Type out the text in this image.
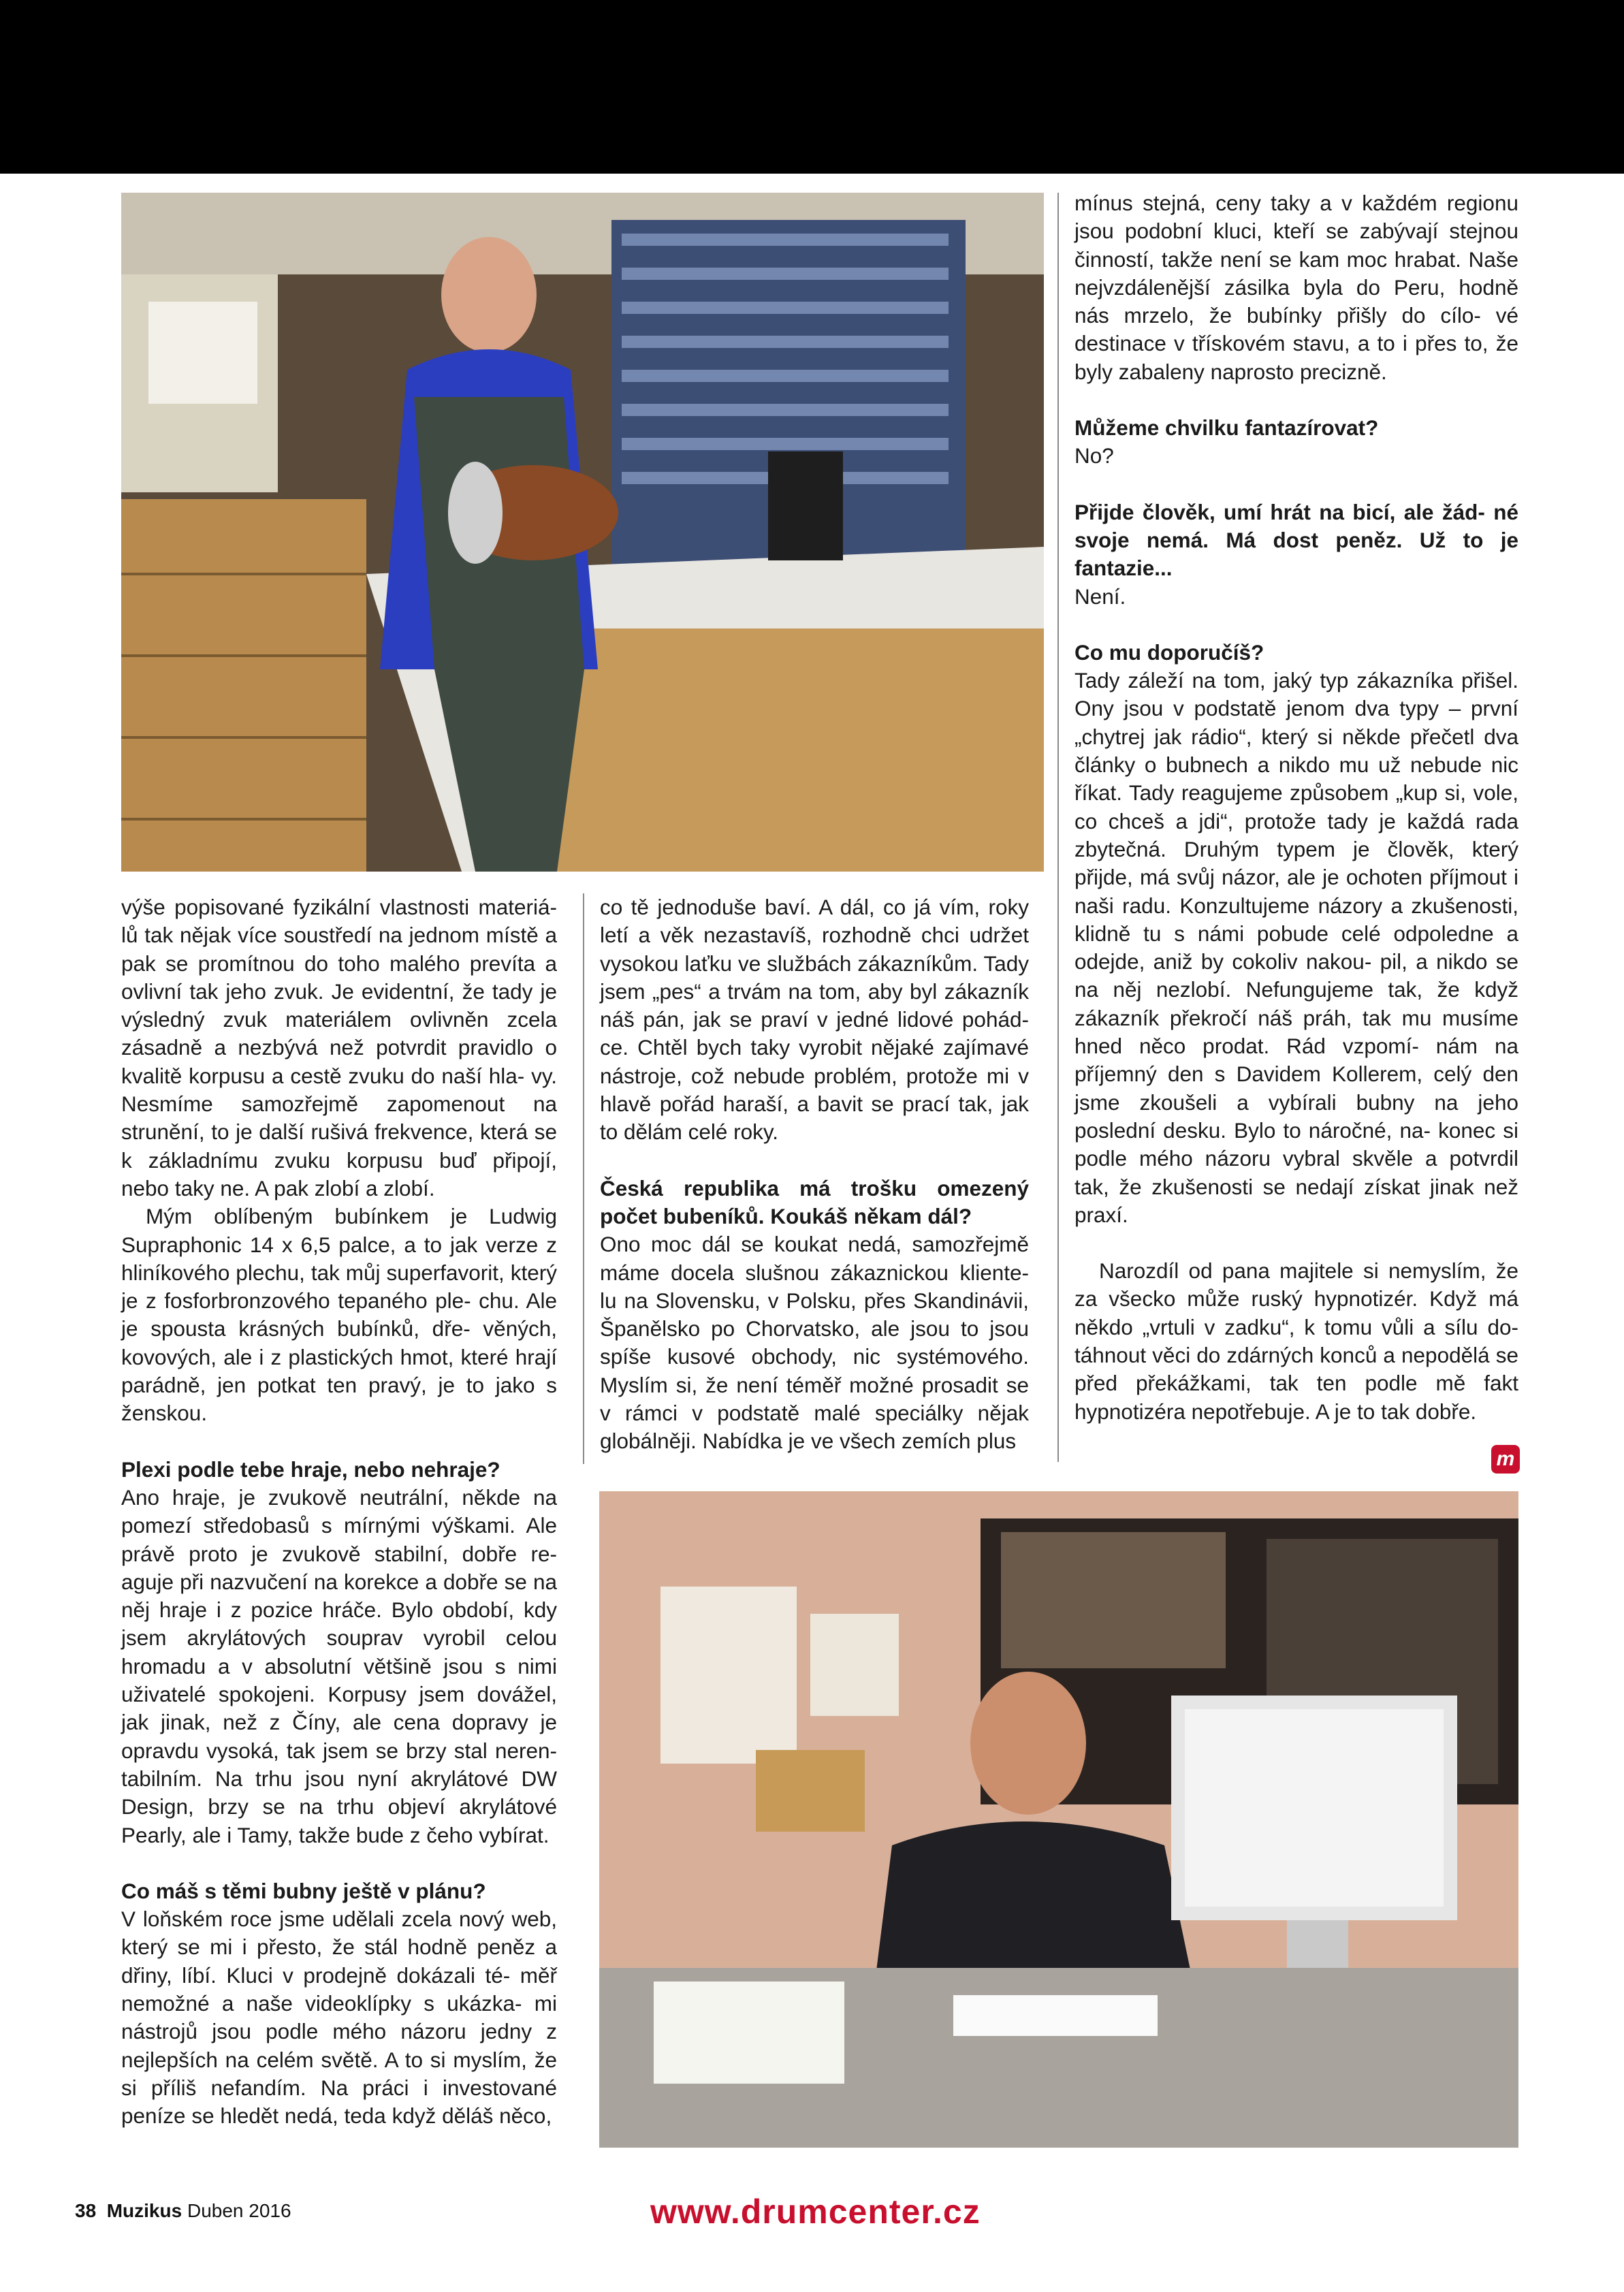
výše popisované fyzikální vlastnosti materiá- lů tak nějak více soustředí na jednom místě a pak se promítnou do toho malého prevíta a ovlivní tak jeho zvuk. Je evidentní, že tady je výsledný zvuk materiálem ovlivněn zcela zásadně a nezbývá než potvrdit pravidlo o kvalitě korpusu a cestě zvuku do naší hla- vy. Nesmíme samozřejmě zapomenout na strunění, to je další rušivá frekvence, která se k základnímu zvuku korpusu buď připojí, nebo taky ne. A pak zlobí a zlobí.

Mým oblíbeným bubínkem je Ludwig Supraphonic 14 x 6,5 palce, a to jak verze z hliníkového plechu, tak můj superfavorit, který je z fosforbronzového tepaného ple- chu. Ale je spousta krásných bubínků, dře- věných, kovových, ale i z plastických hmot, které hrají parádně, jen potkat ten pravý, je to jako s ženskou.

Plexi podle tebe hraje, nebo nehraje?

Ano hraje, je zvukově neutrální, někde na pomezí středobasů s mírnými výškami. Ale právě proto je zvukově stabilní, dobře re- aguje při nazvučení na korekce a dobře se na něj hraje i z pozice hráče. Bylo období, kdy jsem akrylátových souprav vyrobil celou hromadu a v absolutní většině jsou s nimi uživatelé spokojeni. Korpusy jsem dovážel, jak jinak, než z Číny, ale cena dopravy je opravdu vysoká, tak jsem se brzy stal neren- tabilním. Na trhu jsou nyní akrylátové DW Design, brzy se na trhu objeví akrylátové Pearly, ale i Tamy, takže bude z čeho vybírat.

Co máš s těmi bubny ještě v plánu?

V loňském roce jsme udělali zcela nový web, který se mi i přesto, že stál hodně peněz a dřiny, líbí. Kluci v prodejně dokázali té- měř nemožné a naše videoklípky s ukázka- mi nástrojů jsou podle mého názoru jedny z nejlepších na celém světě. A to si myslím, že si příliš nefandím. Na práci i investované peníze se hledět nedá, teda když děláš něco,

co tě jednoduše baví. A dál, co já vím, roky letí a věk nezastavíš, rozhodně chci udržet vysokou laťku ve službách zákazníkům. Tady jsem „pes“ a trvám na tom, aby byl zákazník náš pán, jak se praví v jedné lidové pohád- ce. Chtěl bych taky vyrobit nějaké zajímavé nástroje, což nebude problém, protože mi v hlavě pořád haraší, a bavit se prací tak, jak to dělám celé roky.

Česká republika má trošku omezený počet bubeníků. Koukáš někam dál?

Ono moc dál se koukat nedá, samozřejmě máme docela slušnou zákaznickou kliente- lu na Slovensku, v Polsku, přes Skandinávii, Španělsko po Chorvatsko, ale jsou to jsou spíše kusové obchody, nic systémového. Myslím si, že není téměř možné prosadit se v rámci v podstatě malé speciálky nějak globálněji. Nabídka je ve všech zemích plus

mínus stejná, ceny taky a v každém regionu jsou podobní kluci, kteří se zabývají stejnou činností, takže není se kam moc hrabat. Naše nejvzdálenější zásilka byla do Peru, hodně nás mrzelo, že bubínky přišly do cílo- vé destinace v třískovém stavu, a to i přes to, že byly zabaleny naprosto precizně.

Můžeme chvilku fantazírovat?

No?

Přijde člověk, umí hrát na bicí, ale žád- né svoje nemá. Má dost peněz. Už to je fantazie...

Není.

Co mu doporučíš?

Tady záleží na tom, jaký typ zákazníka přišel. Ony jsou v podstatě jenom dva typy – první „chytrej jak rádio“, který si někde přečetl dva články o bubnech a nikdo mu už nebude nic říkat. Tady reagujeme způsobem „kup si, vole, co chceš a jdi“, protože tady je každá rada zbytečná. Druhým typem je člověk, který přijde, má svůj názor, ale je ochoten příjmout i naši radu. Konzultujeme názory a zkušenosti, klidně tu s námi pobude celé odpoledne a odejde, aniž by cokoliv nakou- pil, a nikdo se na něj nezlobí. Nefungujeme tak, že když zákazník překročí náš práh, tak mu musíme hned něco prodat. Rád vzpomí- nám na příjemný den s Davidem Kollerem, celý den jsme zkoušeli a vybírali bubny na jeho poslední desku. Bylo to náročné, na- konec si podle mého názoru vybral skvěle a potvrdil tak, že zkušenosti se nedají získat jinak než praxí.

Narozdíl od pana majitele si nemyslím, že za všecko může ruský hypnotizér. Když má někdo „vrtuli v zadku“, k tomu vůli a sílu do- táhnout věci do zdárných konců a nepodělá se před překážkami, tak ten podle mě fakt hypnotizéra nepotřebuje. A je to tak dobře.

m
38 Muzikus Duben 2016	www.drumcenter.cz
